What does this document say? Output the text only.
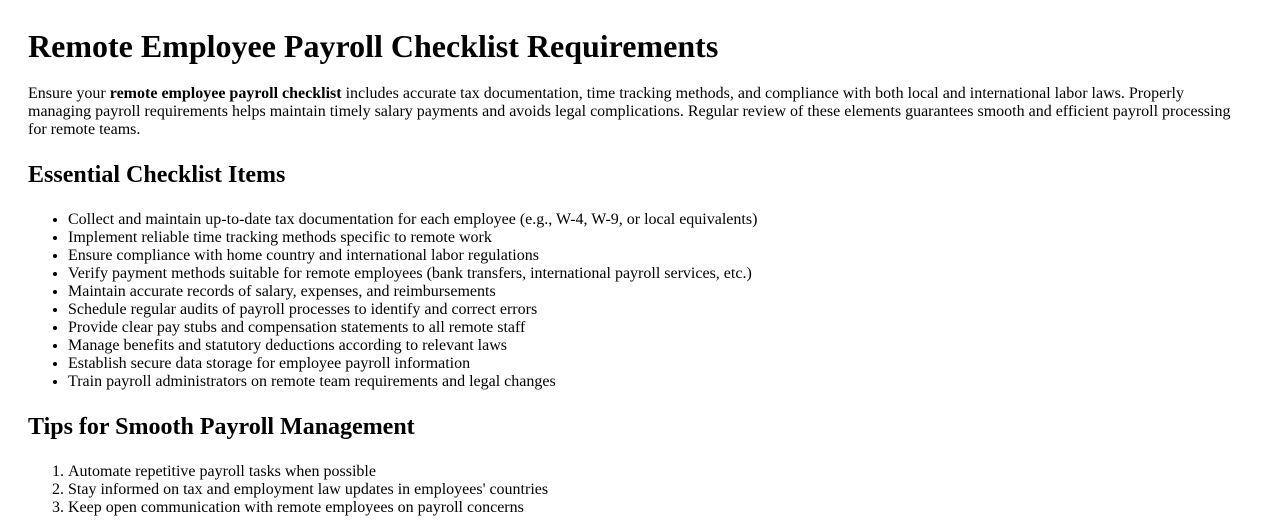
Remote Employee Payroll Checklist Requirements

Ensure your remote employee payroll checklist includes accurate tax documentation, time tracking methods, and compliance with both local and international labor laws. Properly managing payroll requirements helps maintain timely salary payments and avoids legal complications. Regular review of these elements guarantees smooth and efficient payroll processing for remote teams.

Essential Checklist Items
• Collect and maintain up-to-date tax documentation for each employee (e.g., W-4, W-9, or local equivalents)
• Implement reliable time tracking methods specific to remote work
• Ensure compliance with home country and international labor regulations
• Verify payment methods suitable for remote employees (bank transfers, international payroll services, etc.)
• Maintain accurate records of salary, expenses, and reimbursements
• Schedule regular audits of payroll processes to identify and correct errors
• Provide clear pay stubs and compensation statements to all remote staff
• Manage benefits and statutory deductions according to relevant laws
• Establish secure data storage for employee payroll information
• Train payroll administrators on remote team requirements and legal changes
Tips for Smooth Payroll Management
1. Automate repetitive payroll tasks when possible
2. Stay informed on tax and employment law updates in employees' countries
3. Keep open communication with remote employees on payroll concerns
